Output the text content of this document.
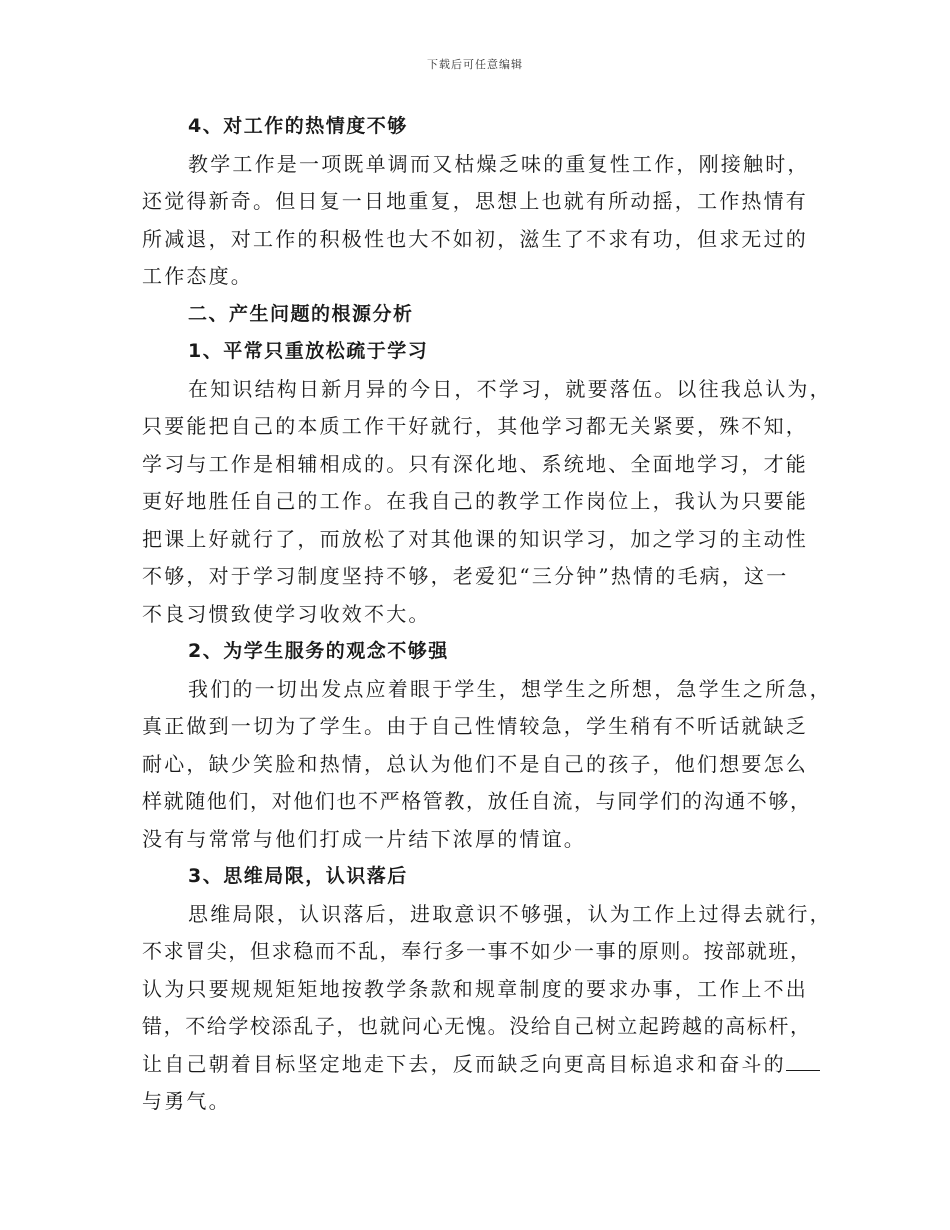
下载后可任意编辑
4、对工作的热情度不够
教学工作是一项既单调而又枯燥乏味的重复性工作，刚接触时，
还觉得新奇。但日复一日地重复，思想上也就有所动摇，工作热情有
所减退，对工作的积极性也大不如初，滋生了不求有功，但求无过的
工作态度。
二、产生问题的根源分析
1、平常只重放松疏于学习
在知识结构日新月异的今日，不学习，就要落伍。以往我总认为，
只要能把自己的本质工作干好就行，其他学习都无关紧要，殊不知，
学习与工作是相辅相成的。只有深化地、系统地、全面地学习，才能
更好地胜任自己的工作。在我自己的教学工作岗位上，我认为只要能
把课上好就行了，而放松了对其他课的知识学习，加之学习的主动性
不够，对于学习制度坚持不够，老爱犯“三分钟”热情的毛病，这一
不良习惯致使学习收效不大。
2、为学生服务的观念不够强
我们的一切出发点应着眼于学生，想学生之所想，急学生之所急，
真正做到一切为了学生。由于自己性情较急，学生稍有不听话就缺乏
耐心，缺少笑脸和热情，总认为他们不是自己的孩子，他们想要怎么
样就随他们，对他们也不严格管教，放任自流，与同学们的沟通不够，
没有与常常与他们打成一片结下浓厚的情谊。
3、思维局限，认识落后
思维局限，认识落后，进取意识不够强，认为工作上过得去就行，
不求冒尖，但求稳而不乱，奉行多一事不如少一事的原则。按部就班，
认为只要规规矩矩地按教学条款和规章制度的要求办事，工作上不出
错，不给学校添乱子，也就问心无愧。没给自己树立起跨越的高标杆，
让自己朝着目标坚定地走下去，反而缺乏向更高目标追求和奋斗的
与勇气。
